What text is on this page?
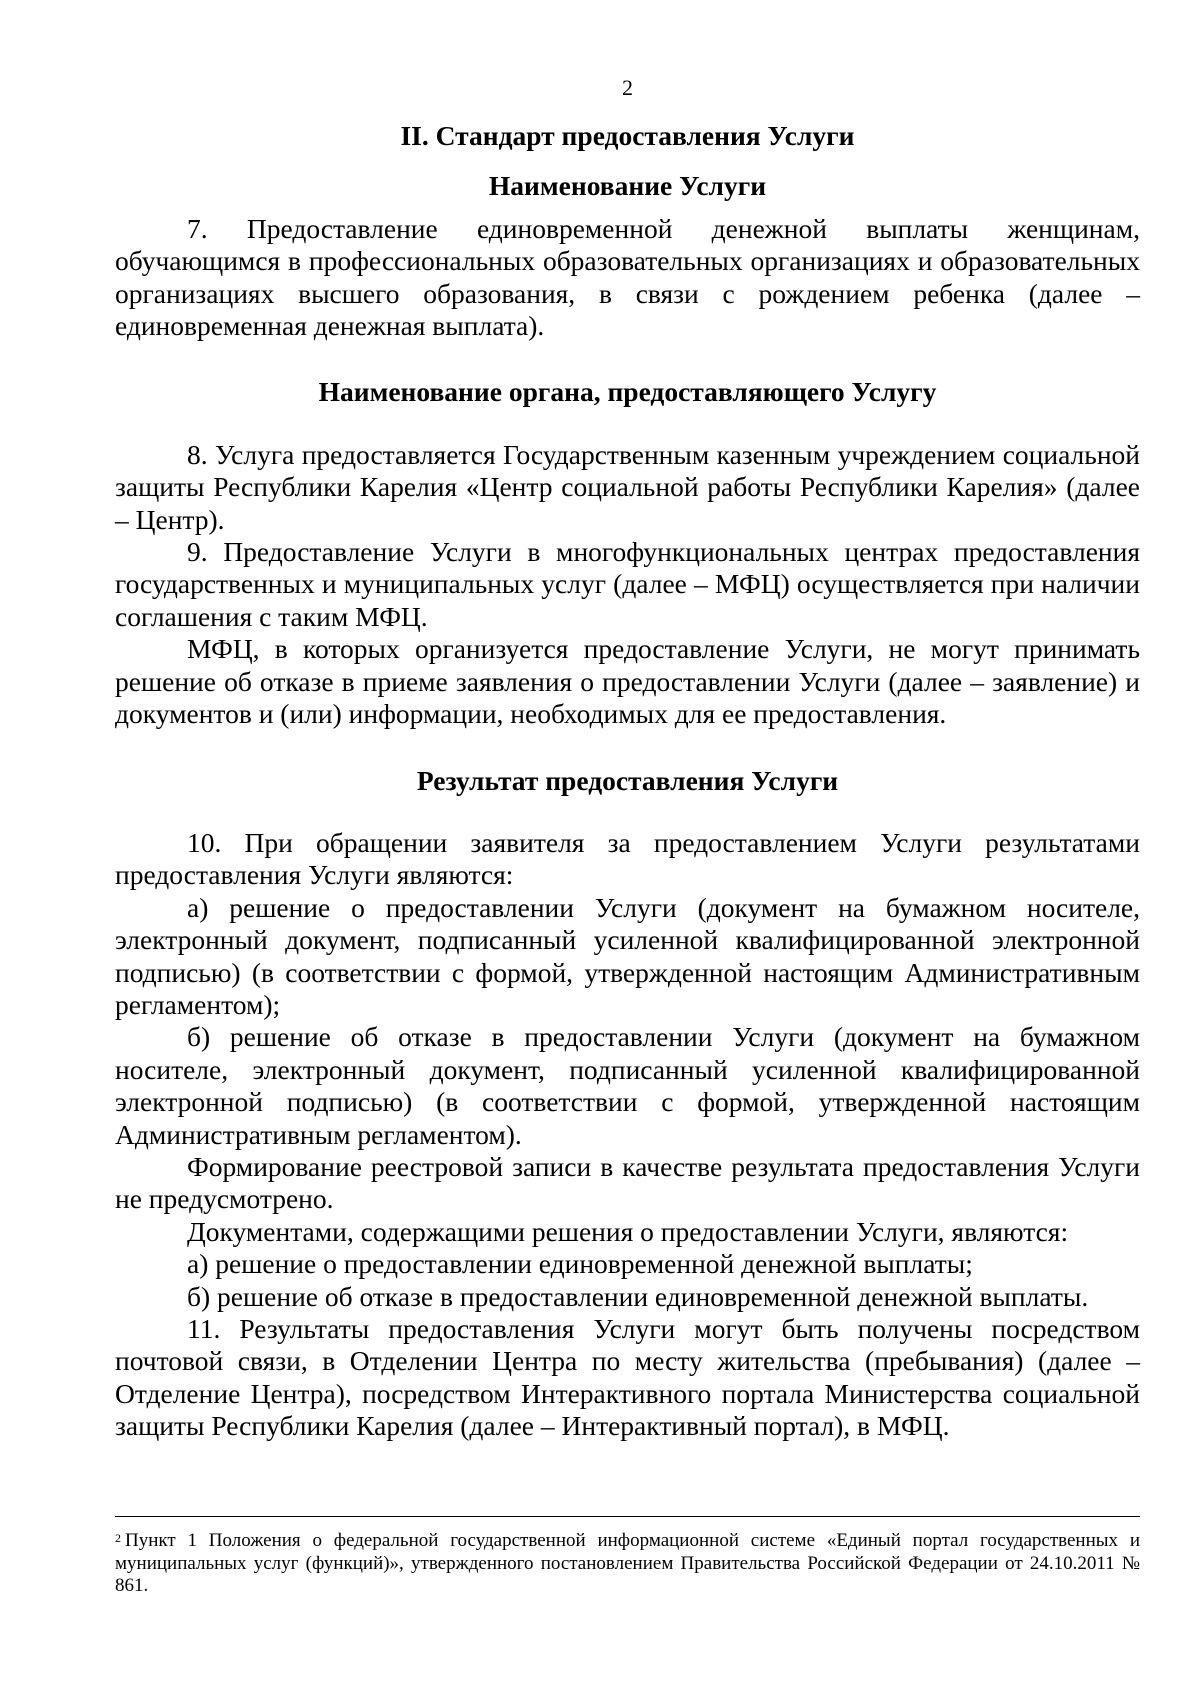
2

II. Стандарт предоставления Услуги

Наименование Услуги

7. Предоставление единовременной денежной выплаты женщинам, обучающимся в профессиональных образовательных организациях и образовательных организациях высшего образования, в связи с рождением ребенка (далее – единовременная денежная выплата).

Наименование органа, предоставляющего Услугу

8. Услуга предоставляется Государственным казенным учреждением социальной защиты Республики Карелия «Центр социальной работы Республики Карелия» (далее – Центр).

9. Предоставление Услуги в многофункциональных центрах предоставления государственных и муниципальных услуг (далее – МФЦ) осуществляется при наличии соглашения с таким МФЦ.

МФЦ, в которых организуется предоставление Услуги, не могут принимать решение об отказе в приеме заявления о предоставлении Услуги (далее – заявление) и документов и (или) информации, необходимых для ее предоставления.

Результат предоставления Услуги

10. При обращении заявителя за предоставлением Услуги результатами предоставления Услуги являются:

а) решение о предоставлении Услуги (документ на бумажном носителе, электронный документ, подписанный усиленной квалифицированной электронной подписью) (в соответствии с формой, утвержденной настоящим Административным регламентом);

б) решение об отказе в предоставлении Услуги (документ на бумажном носителе, электронный документ, подписанный усиленной квалифицированной электронной подписью) (в соответствии с формой, утвержденной настоящим Административным регламентом).

Формирование реестровой записи в качестве результата предоставления Услуги не предусмотрено.

Документами, содержащими решения о предоставлении Услуги, являются:

а) решение о предоставлении единовременной денежной выплаты;

б) решение об отказе в предоставлении единовременной денежной выплаты.

11. Результаты предоставления Услуги могут быть получены посредством почтовой связи, в Отделении Центра по месту жительства (пребывания) (далее – Отделение Центра), посредством Интерактивного портала Министерства социальной защиты Республики Карелия (далее – Интерактивный портал), в МФЦ.

$^2$ Пункт 1 Положения о федеральной государственной информационной системе «Единый портал государственных и муниципальных услуг (функций)», утвержденного постановлением Правительства Российской Федерации от 24.10.2011 № 861.
